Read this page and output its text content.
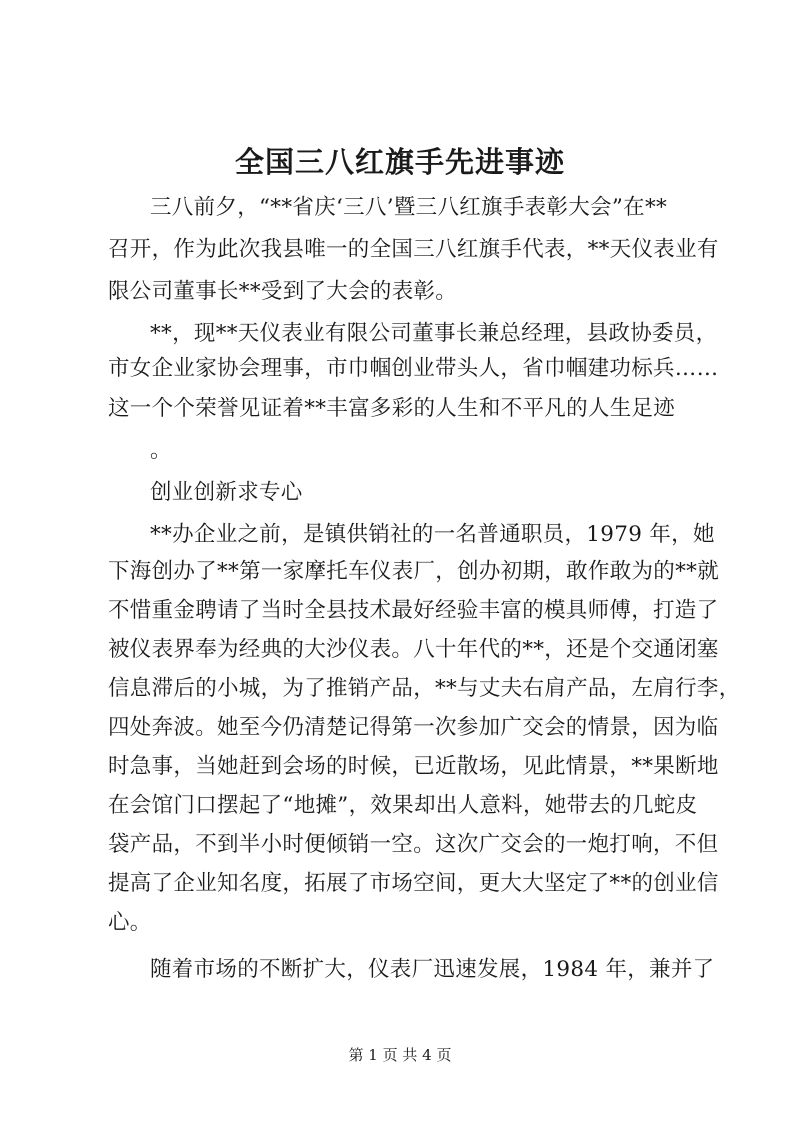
全国三八红旗手先进事迹
三八前夕，“**省庆‘三八’暨三八红旗手表彰大会”在**
召开，作为此次我县唯一的全国三八红旗手代表，**天仪表业有
限公司董事长**受到了大会的表彰。
**，现**天仪表业有限公司董事长兼总经理，县政协委员，
市女企业家协会理事，市巾帼创业带头人，省巾帼建功标兵……
这一个个荣誉见证着**丰富多彩的人生和不平凡的人生足迹
。
创业创新求专心
**办企业之前，是镇供销社的一名普通职员，1979 年，她
下海创办了**第一家摩托车仪表厂，创办初期，敢作敢为的**就
不惜重金聘请了当时全县技术最好经验丰富的模具师傅，打造了
被仪表界奉为经典的大沙仪表。八十年代的**，还是个交通闭塞
信息滞后的小城，为了推销产品，**与丈夫右肩产品，左肩行李，
四处奔波。她至今仍清楚记得第一次参加广交会的情景，因为临
时急事，当她赶到会场的时候，已近散场，见此情景，**果断地
在会馆门口摆起了“地摊”，效果却出人意料，她带去的几蛇皮
袋产品，不到半小时便倾销一空。这次广交会的一炮打响，不但
提高了企业知名度，拓展了市场空间，更大大坚定了**的创业信
心。
随着市场的不断扩大，仪表厂迅速发展，1984 年，兼并了
第 1 页 共 4 页
